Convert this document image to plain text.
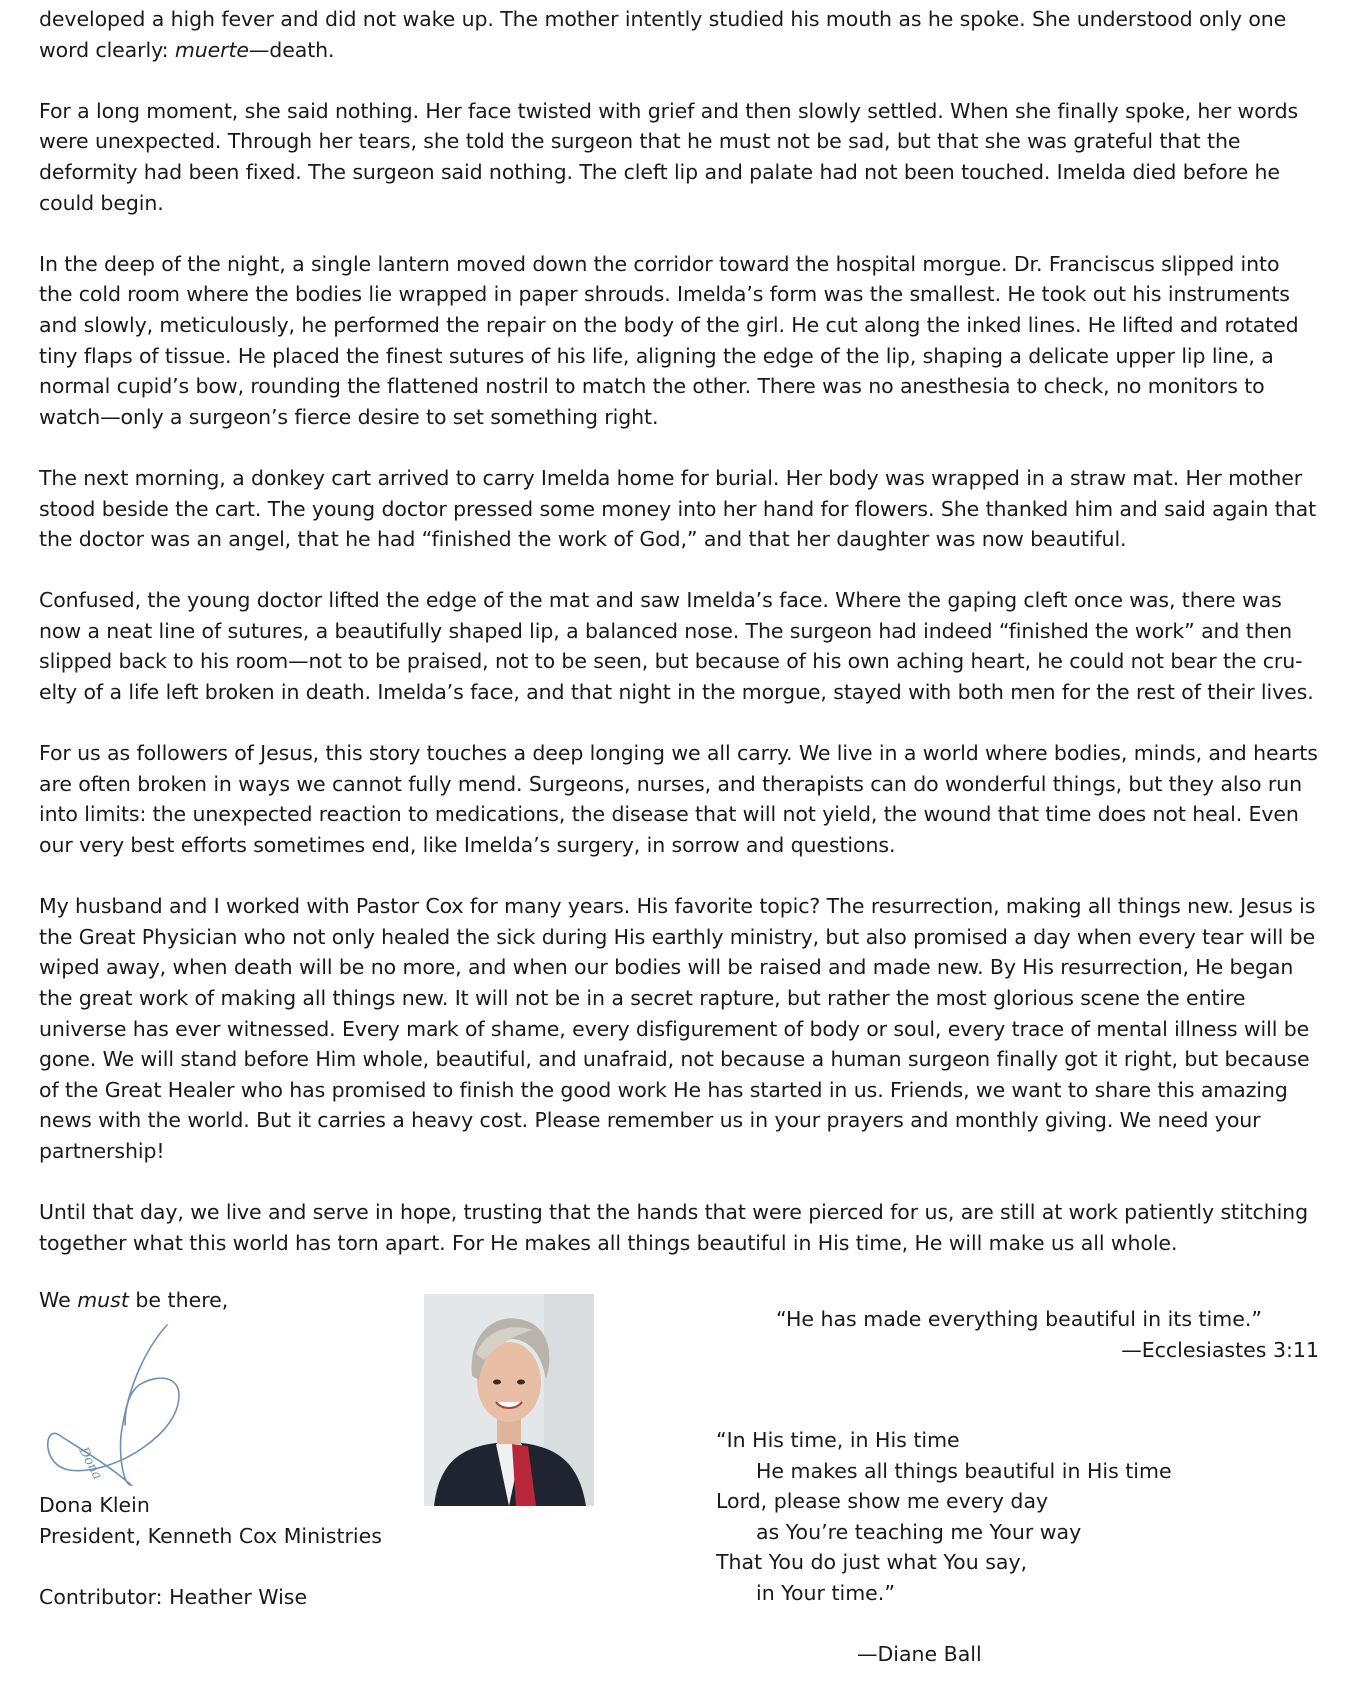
developed a high fever and did not wake up. The mother intently studied his mouth as he spoke. She understood only one word clearly: muerte—death.

For a long moment, she said nothing. Her face twisted with grief and then slowly settled. When she finally spoke, her words were unexpected. Through her tears, she told the surgeon that he must not be sad, but that she was grateful that the deformity had been fixed. The surgeon said nothing. The cleft lip and palate had not been touched. Imelda died before he could begin.

In the deep of the night, a single lantern moved down the corridor toward the hospital morgue. Dr. Franciscus slipped into the cold room where the bodies lie wrapped in paper shrouds. Imelda’s form was the smallest. He took out his instruments and slowly, meticulously, he performed the repair on the body of the girl. He cut along the inked lines. He lifted and rotated tiny flaps of tissue. He placed the finest sutures of his life, aligning the edge of the lip, shaping a delicate upper lip line, a normal cupid’s bow, rounding the flattened nostril to match the other. There was no anesthesia to check, no monitors to watch—only a surgeon’s fierce desire to set something right.

The next morning, a donkey cart arrived to carry Imelda home for burial. Her body was wrapped in a straw mat. Her mother stood beside the cart. The young doctor pressed some money into her hand for flowers. She thanked him and said again that the doctor was an angel, that he had “finished the work of God,” and that her daughter was now beautiful.

Confused, the young doctor lifted the edge of the mat and saw Imelda’s face. Where the gaping cleft once was, there was now a neat line of sutures, a beautifully shaped lip, a balanced nose. The surgeon had indeed “finished the work” and then slipped back to his room—not to be praised, not to be seen, but because of his own aching heart, he could not bear the cruelty of a life left broken in death. Imelda’s face, and that night in the morgue, stayed with both men for the rest of their lives.

For us as followers of Jesus, this story touches a deep longing we all carry. We live in a world where bodies, minds, and hearts are often broken in ways we cannot fully mend. Surgeons, nurses, and therapists can do wonderful things, but they also run into limits: the unexpected reaction to medications, the disease that will not yield, the wound that time does not heal. Even our very best efforts sometimes end, like Imelda’s surgery, in sorrow and questions.

My husband and I worked with Pastor Cox for many years. His favorite topic? The resurrection, making all things new. Jesus is the Great Physician who not only healed the sick during His earthly ministry, but also promised a day when every tear will be wiped away, when death will be no more, and when our bodies will be raised and made new. By His resurrection, He began the great work of making all things new. It will not be in a secret rapture, but rather the most glorious scene the entire universe has ever witnessed. Every mark of shame, every disfigurement of body or soul, every trace of mental illness will be gone. We will stand before Him whole, beautiful, and unafraid, not because a human surgeon finally got it right, but because of the Great Healer who has promised to finish the good work He has started in us. Friends, we want to share this amazing news with the world. But it carries a heavy cost. Please remember us in your prayers and monthly giving. We need your partnership!

Until that day, we live and serve in hope, trusting that the hands that were pierced for us, are still at work patiently stitching together what this world has torn apart. For He makes all things beautiful in His time, He will make us all whole.

We must be there,
Dona
Dona Klein
President, Kenneth Cox Ministries
Contributor: Heather Wise
“He has made everything beautiful in its time.”
—Ecclesiastes 3:11
“In His time, in His time
He makes all things beautiful in His time
Lord, please show me every day
as You’re teaching me Your way
That You do just what You say,
in Your time.”
—Diane Ball
